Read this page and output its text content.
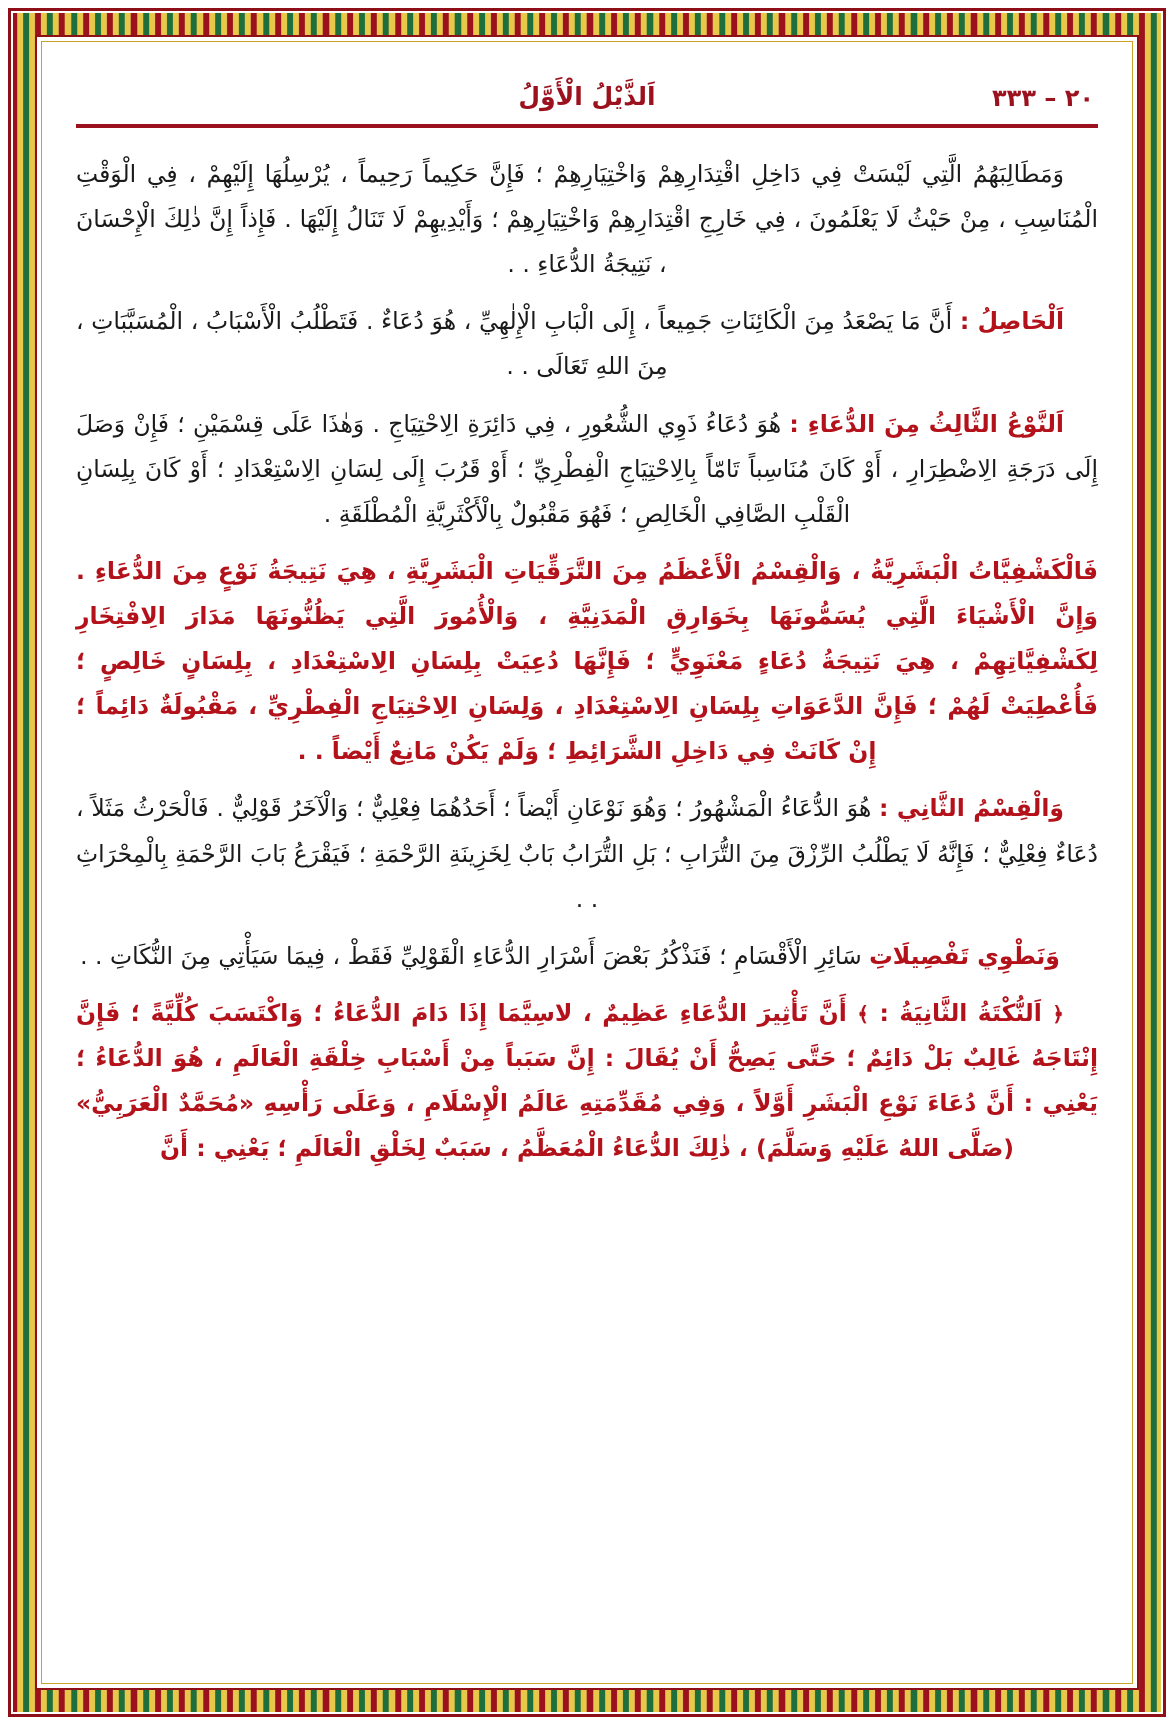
٢٠ – ٣٣٣
اَلذَّيْلُ الْأَوَّلُ

وَمَطَالِبَهُمُ الَّتِي لَيْسَتْ فِي دَاخِلِ اقْتِدَارِهِمْ وَاخْتِيَارِهِمْ ؛ فَإِنَّ حَكِيماً رَحِيماً ، يُرْسِلُهَا إِلَيْهِمْ ، فِي الْوَقْتِ الْمُنَاسِبِ ، مِنْ حَيْثُ لَا يَعْلَمُونَ ، فِي خَارِجِ اقْتِدَارِهِمْ وَاخْتِيَارِهِمْ ؛ وَأَيْدِيهِمْ لَا تَنَالُ إِلَيْهَا . فَإِذاً إِنَّ ذٰلِكَ الْإِحْسَانَ ، نَتِيجَةُ الدُّعَاءِ . .

اَلْحَاصِلُ : أَنَّ مَا يَصْعَدُ مِنَ الْكَائِنَاتِ جَمِيعاً ، إِلَى الْبَابِ الْإِلٰهِيِّ ، هُوَ دُعَاءٌ . فَتَطْلُبُ الْأَسْبَابُ ، الْمُسَبَّبَاتِ ، مِنَ اللهِ تَعَالَى . .

اَلنَّوْعُ الثَّالِثُ مِنَ الدُّعَاءِ : هُوَ دُعَاءُ ذَوِي الشُّعُورِ ، فِي دَائِرَةِ الِاحْتِيَاجِ . وَهٰذَا عَلَى قِسْمَيْنِ ؛ فَإِنْ وَصَلَ إِلَى دَرَجَةِ الِاضْطِرَارِ ، أَوْ كَانَ مُنَاسِباً تَامّاً بِالِاحْتِيَاجِ الْفِطْرِيِّ ؛ أَوْ قَرُبَ إِلَى لِسَانِ الِاسْتِعْدَادِ ؛ أَوْ كَانَ بِلِسَانِ الْقَلْبِ الصَّافِي الْخَالِصِ ؛ فَهُوَ مَقْبُولٌ بِالْأَكْثَرِيَّةِ الْمُطْلَقَةِ .

فَالْكَشْفِيَّاتُ الْبَشَرِيَّةُ ، وَالْقِسْمُ الْأَعْظَمُ مِنَ التَّرَقِّيَاتِ الْبَشَرِيَّةِ ، هِيَ نَتِيجَةُ نَوْعٍ مِنَ الدُّعَاءِ . وَإِنَّ الْأَشْيَاءَ الَّتِي يُسَمُّونَهَا بِخَوَارِقِ الْمَدَنِيَّةِ ، وَالْأُمُورَ الَّتِي يَظُنُّونَهَا مَدَارَ الِافْتِخَارِ لِكَشْفِيَّاتِهِمْ ، هِيَ نَتِيجَةُ دُعَاءٍ مَعْنَوِيٍّ ؛ فَإِنَّهَا دُعِيَتْ بِلِسَانِ الِاسْتِعْدَادِ ، بِلِسَانٍ خَالِصٍ ؛ فَأُعْطِيَتْ لَهُمْ ؛ فَإِنَّ الدَّعَوَاتِ بِلِسَانِ الِاسْتِعْدَادِ ، وَلِسَانِ الِاحْتِيَاجِ الْفِطْرِيِّ ، مَقْبُولَةٌ دَائِماً ؛ إِنْ كَانَتْ فِي دَاخِلِ الشَّرَائِطِ ؛ وَلَمْ يَكُنْ مَانِعٌ أَيْضاً . .

وَالْقِسْمُ الثَّانِي : هُوَ الدُّعَاءُ الْمَشْهُورُ ؛ وَهُوَ نَوْعَانِ أَيْضاً ؛ أَحَدُهُمَا فِعْلِيٌّ ؛ وَالْآخَرُ قَوْلِيٌّ . فَالْحَرْثُ مَثَلاً ، دُعَاءٌ فِعْلِيٌّ ؛ فَإِنَّهُ لَا يَطْلُبُ الرِّزْقَ مِنَ التُّرَابِ ؛ بَلِ التُّرَابُ بَابٌ لِخَزِينَةِ الرَّحْمَةِ ؛ فَيَقْرَعُ بَابَ الرَّحْمَةِ بِالْمِحْرَاثِ . .

وَنَطْوِي تَفْصِيلَاتِ سَائِرِ الْأَقْسَامِ ؛ فَنَذْكُرُ بَعْضَ أَسْرَارِ الدُّعَاءِ الْقَوْلِيِّ فَقَطْ ، فِيمَا سَيَأْتِي مِنَ النُّكَاتِ . .

﴿ اَلنُّكْتَةُ الثَّانِيَةُ : ﴾ أَنَّ تَأْثِيرَ الدُّعَاءِ عَظِيمٌ ، لاسِيَّمَا إِذَا دَامَ الدُّعَاءُ ؛ وَاكْتَسَبَ كُلِّيَّةً ؛ فَإِنَّ إِنْتَاجَهُ غَالِبٌ بَلْ دَائِمٌ ؛ حَتَّى يَصِحُّ أَنْ يُقَالَ : إِنَّ سَبَباً مِنْ أَسْبَابِ خِلْقَةِ الْعَالَمِ ، هُوَ الدُّعَاءُ ؛ يَعْنِي : أَنَّ دُعَاءَ نَوْعِ الْبَشَرِ أَوَّلاً ، وَفِي مُقَدِّمَتِهِ عَالَمُ الْإِسْلَامِ ، وَعَلَى رَأْسِهِ «مُحَمَّدٌ الْعَرَبِيُّ» (صَلَّى اللهُ عَلَيْهِ وَسَلَّمَ) ، ذٰلِكَ الدُّعَاءُ الْمُعَظَّمُ ، سَبَبٌ لِخَلْقِ الْعَالَمِ ؛ يَعْنِي : أَنَّ
